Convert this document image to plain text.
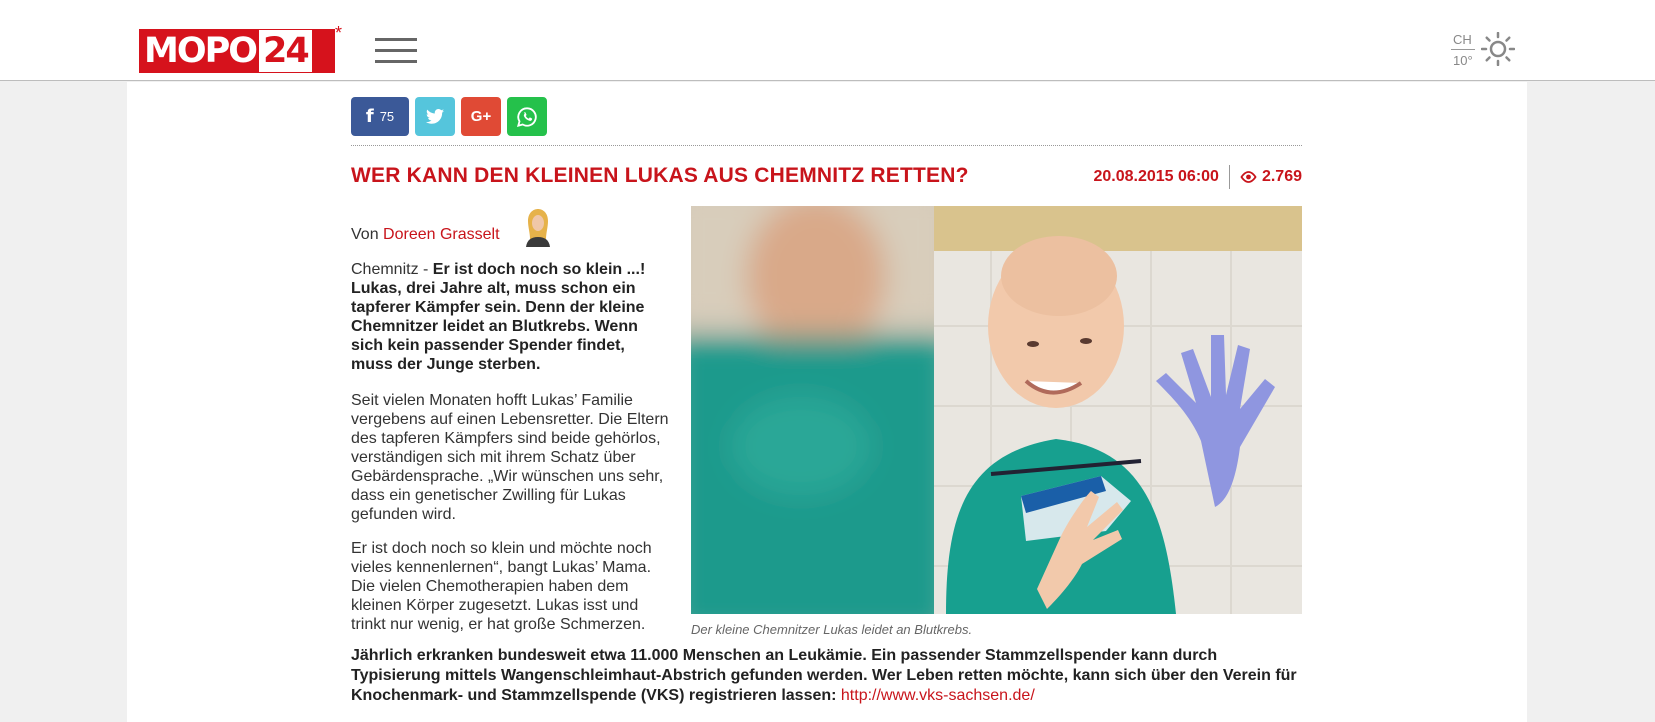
MOPO 24 *	CH
10°
f 75	G+
WER KANN DEN KLEINEN LUKAS AUS CHEMNITZ RETTEN?	20.08.2015 06:00	2.769
Von Doreen Grasselt
Chemnitz - Er ist doch noch so klein ...! Lukas, drei Jahre alt, muss schon ein tapferer Kämpfer sein. Denn der kleine Chemnitzer leidet an Blutkrebs. Wenn sich kein passender Spender findet, muss der Junge sterben.

Seit vielen Monaten hofft Lukas’ Familie vergebens auf einen Lebensretter. Die Eltern des tapferen Kämpfers sind beide gehörlos, verständigen sich mit ihrem Schatz über Gebärdensprache. „Wir wünschen uns sehr, dass ein genetischer Zwilling für Lukas gefunden wird.

Er ist doch noch so klein und möchte noch vieles kennenlernen“, bangt Lukas’ Mama. Die vielen Chemotherapien haben dem kleinen Körper zugesetzt. Lukas isst und trinkt nur wenig, er hat große Schmerzen.	Der kleine Chemnitzer Lukas leidet an Blutkrebs.

Jährlich erkranken bundesweit etwa 11.000 Menschen an Leukämie. Ein passender Stammzellspender kann durch Typisierung mittels Wangenschleimhaut-Abstrich gefunden werden. Wer Leben retten möchte, kann sich über den Verein für Knochenmark- und Stammzellspende (VKS) registrieren lassen: http://www.vks-sachsen.de/
